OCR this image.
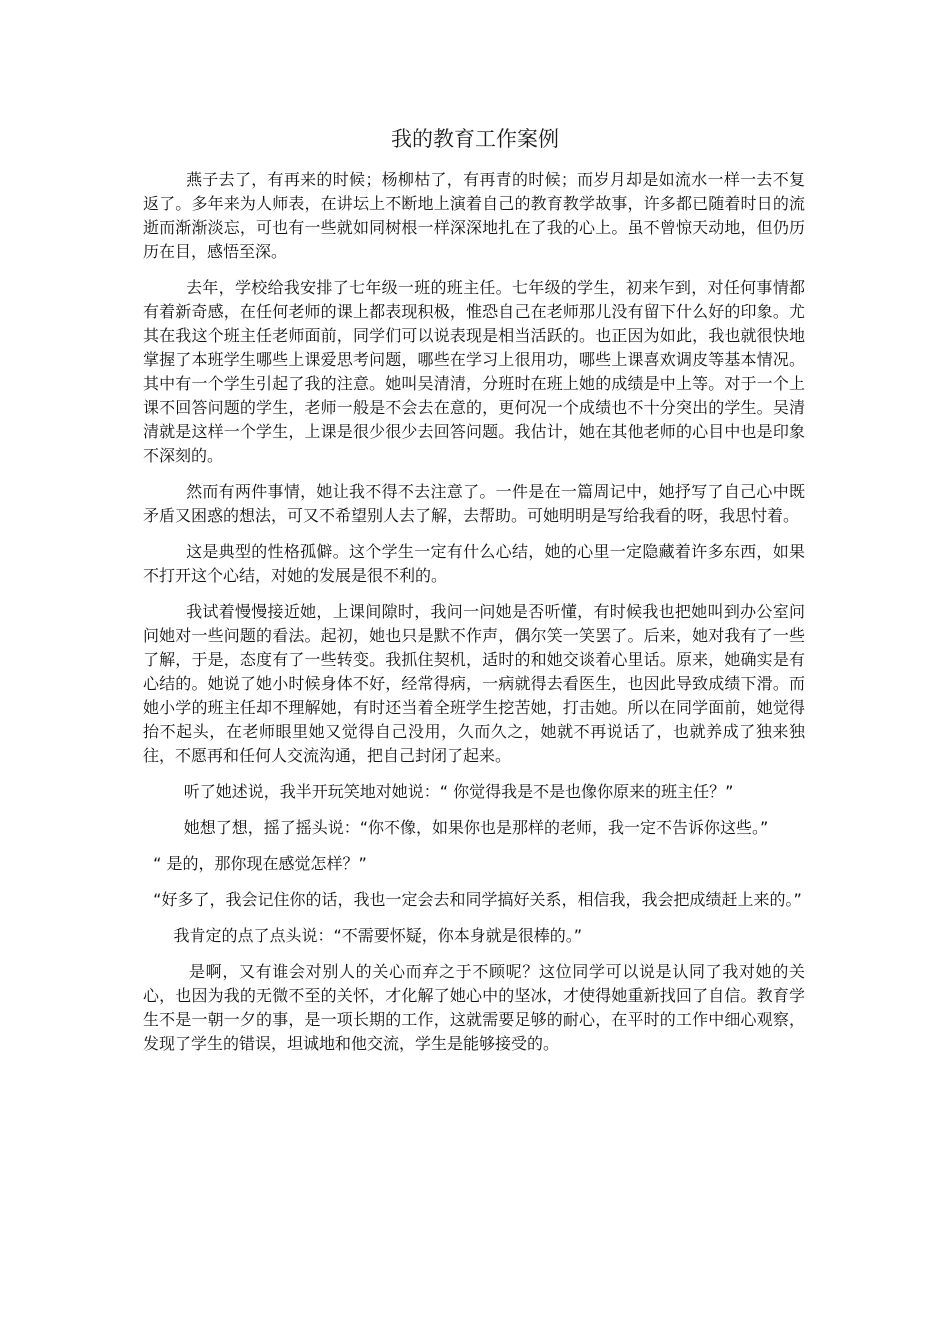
我的教育工作案例

燕子去了，有再来的时候；杨柳枯了，有再青的时候；而岁月却是如流水一样一去不复返了。多年来为人师表，在讲坛上不断地上演着自己的教育教学故事，许多都已随着时日的流逝而渐渐淡忘，可也有一些就如同树根一样深深地扎在了我的心上。虽不曾惊天动地，但仍历历在目，感悟至深。

去年，学校给我安排了七年级一班的班主任。七年级的学生，初来乍到，对任何事情都有着新奇感，在任何老师的课上都表现积极，惟恐自己在老师那儿没有留下什么好的印象。尤其在我这个班主任老师面前，同学们可以说表现是相当活跃的。也正因为如此，我也就很快地掌握了本班学生哪些上课爱思考问题，哪些在学习上很用功，哪些上课喜欢调皮等基本情况。其中有一个学生引起了我的注意。她叫吴清清，分班时在班上她的成绩是中上等。对于一个上课不回答问题的学生，老师一般是不会去在意的，更何况一个成绩也不十分突出的学生。吴清清就是这样一个学生，上课是很少很少去回答问题。我估计，她在其他老师的心目中也是印象不深刻的。

然而有两件事情，她让我不得不去注意了。一件是在一篇周记中，她抒写了自己心中既矛盾又困惑的想法，可又不希望别人去了解，去帮助。可她明明是写给我看的呀，我思忖着。

这是典型的性格孤僻。这个学生一定有什么心结，她的心里一定隐藏着许多东西，如果不打开这个心结，对她的发展是很不利的。

我试着慢慢接近她，上课间隙时，我问一问她是否听懂，有时候我也把她叫到办公室问问她对一些问题的看法。起初，她也只是默不作声，偶尔笑一笑罢了。后来，她对我有了一些了解，于是，态度有了一些转变。我抓住契机，适时的和她交谈着心里话。原来，她确实是有心结的。她说了她小时候身体不好，经常得病，一病就得去看医生，也因此导致成绩下滑。而她小学的班主任却不理解她，有时还当着全班学生挖苦她，打击她。所以在同学面前，她觉得抬不起头，在老师眼里她又觉得自己没用，久而久之，她就不再说话了，也就养成了独来独往，不愿再和任何人交流沟通，把自己封闭了起来。

听了她述说，我半开玩笑地对她说：“ 你觉得我是不是也像你原来的班主任？”

她想了想，摇了摇头说：“你不像，如果你也是那样的老师，我一定不告诉你这些。”

“ 是的，那你现在感觉怎样？”

“好多了，我会记住你的话，我也一定会去和同学搞好关系，相信我，我会把成绩赶上来的。”

我肯定的点了点头说：“不需要怀疑，你本身就是很棒的。”

是啊，又有谁会对别人的关心而弃之于不顾呢？这位同学可以说是认同了我对她的关心，也因为我的无微不至的关怀，才化解了她心中的坚冰，才使得她重新找回了自信。教育学生不是一朝一夕的事，是一项长期的工作，这就需要足够的耐心，在平时的工作中细心观察，发现了学生的错误，坦诚地和他交流，学生是能够接受的。
